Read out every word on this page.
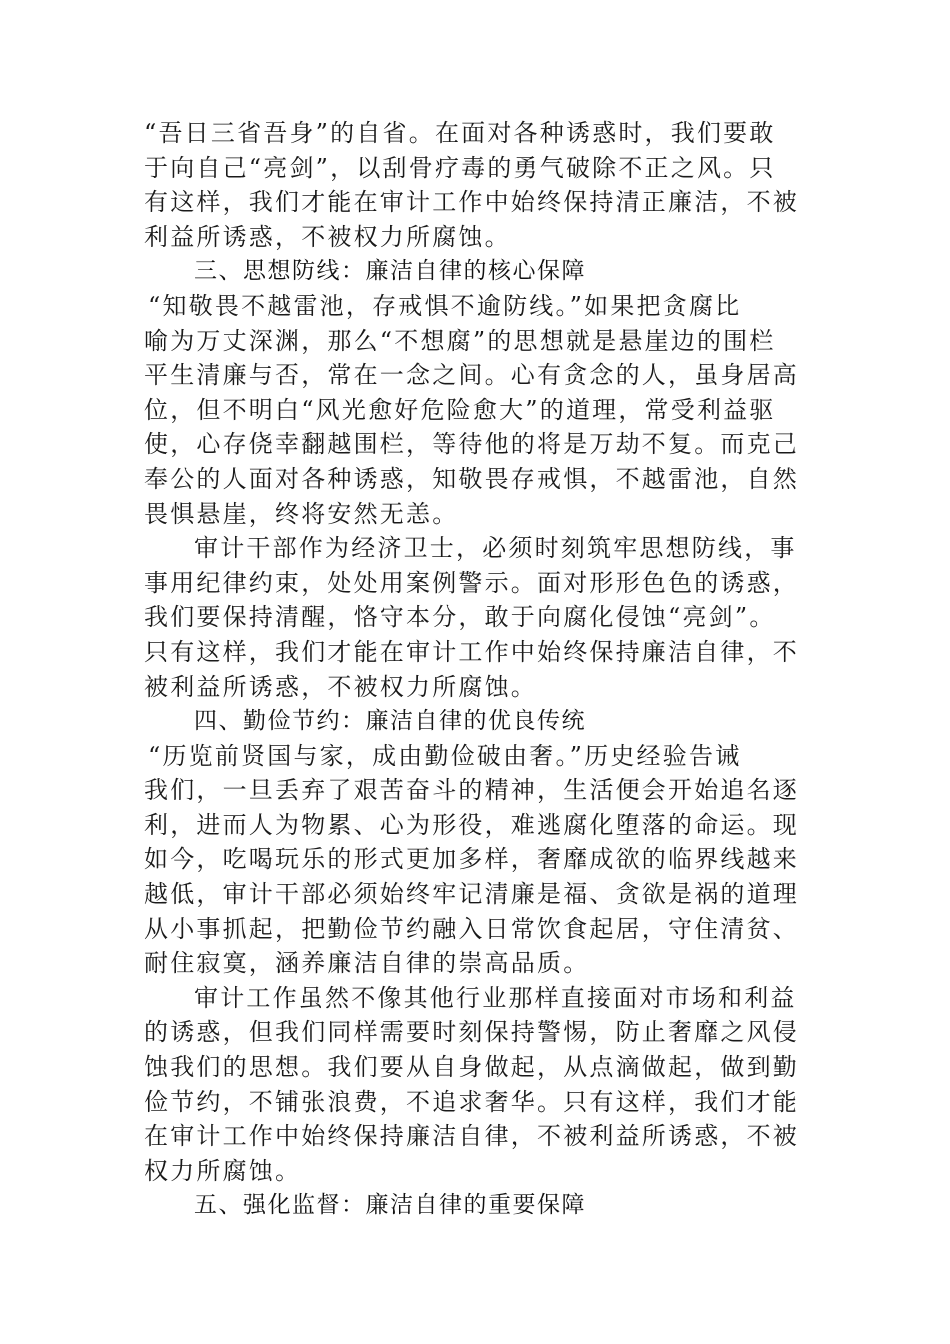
“吾日三省吾身”的自省。在面对各种诱惑时，我们要敢
于向自己“亮剑”，以刮骨疗毒的勇气破除不正之风。只
有这样，我们才能在审计工作中始终保持清正廉洁，不被
利益所诱惑，不被权力所腐蚀。
三、思想防线：廉洁自律的核心保障
“知敬畏不越雷池，存戒惧不逾防线。”如果把贪腐比
喻为万丈深渊，那么“不想腐”的思想就是悬崖边的围栏
平生清廉与否，常在一念之间。心有贪念的人，虽身居高
位，但不明白“风光愈好危险愈大”的道理，常受利益驱
使，心存侥幸翻越围栏，等待他的将是万劫不复。而克己
奉公的人面对各种诱惑，知敬畏存戒惧，不越雷池，自然
畏惧悬崖，终将安然无恙。
审计干部作为经济卫士，必须时刻筑牢思想防线，事
事用纪律约束，处处用案例警示。面对形形色色的诱惑，
我们要保持清醒，恪守本分，敢于向腐化侵蚀“亮剑”。
只有这样，我们才能在审计工作中始终保持廉洁自律，不
被利益所诱惑，不被权力所腐蚀。
四、勤俭节约：廉洁自律的优良传统
“历览前贤国与家，成由勤俭破由奢。”历史经验告诫
我们，一旦丢弃了艰苦奋斗的精神，生活便会开始追名逐
利，进而人为物累、心为形役，难逃腐化堕落的命运。现
如今，吃喝玩乐的形式更加多样，奢靡成欲的临界线越来
越低，审计干部必须始终牢记清廉是福、贪欲是祸的道理
从小事抓起，把勤俭节约融入日常饮食起居，守住清贫、
耐住寂寞，涵养廉洁自律的崇高品质。
审计工作虽然不像其他行业那样直接面对市场和利益
的诱惑，但我们同样需要时刻保持警惕，防止奢靡之风侵
蚀我们的思想。我们要从自身做起，从点滴做起，做到勤
俭节约，不铺张浪费，不追求奢华。只有这样，我们才能
在审计工作中始终保持廉洁自律，不被利益所诱惑，不被
权力所腐蚀。
五、强化监督：廉洁自律的重要保障
